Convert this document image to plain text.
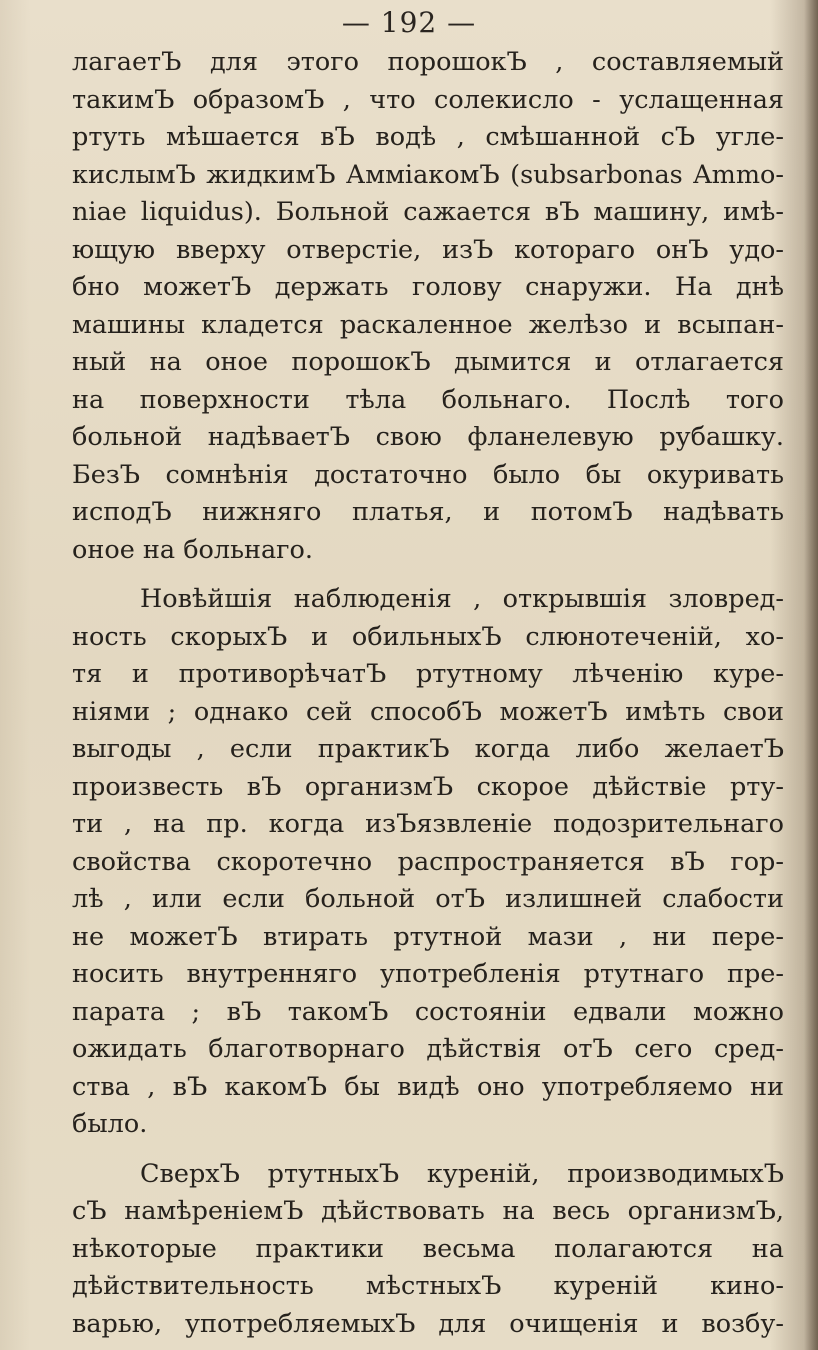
— 192 —

лагаетЪ для этого порошокЪ , составляемый
такимЪ образомЪ , что солекисло - услащенная
ртуть мѣшается вЪ водѣ , смѣшанной сЪ угле-
кислымЪ жидкимЪ АммiакомЪ (subsarbonas Ammo-
niae liquidus). Больной сажается вЪ машину, имѣ-
ющую вверху отверстiе, изЪ котораго онЪ удо-
бно можетЪ держать голову снаружи. На днѣ
машины кладется раскаленное желѣзо и всыпан-
ный на оное порошокЪ дымится и отлагается
на поверхности тѣла больнаго. Послѣ того
больной надѣваетЪ свою фланелевую рубашку.
БезЪ сомнѣнiя достаточно было бы окуривать
исподЪ нижняго платья, и потомЪ надѣвать
оное на больнаго.
Новѣйшiя наблюденiя , открывшiя зловред-
ность скорыхЪ и обильныхЪ слюнотеченiй, хо-
тя и противорѣчатЪ ртутному лѣченiю куре-
нiями ; однако сей способЪ можетЪ имѣть свои
выгоды , если практикЪ когда либо желаетЪ
произвесть вЪ организмЪ скорое дѣйствiе рту-
ти , на пр. когда изЪязвленiе подозрительнаго
свойства скоротечно распространяется вЪ гор-
лѣ , или если больной отЪ излишней слабости
не можетЪ втирать ртутной мази , ни пере-
носить внутренняго употребленiя ртутнаго пре-
парата ; вЪ такомЪ состоянiи едвали можно
ожидать благотворнаго дѣйствiя отЪ сего сред-
ства , вЪ какомЪ бы видѣ оно употребляемо ни
было.
СверхЪ ртутныхЪ куренiй, производимыхЪ
сЪ намѣренiемЪ дѣйствовать на весь организмЪ,
нѣкоторые практики весьма полагаются на
дѣйствительность мѣстныхЪ куренiй кино-
варью, употребляемыхЪ для очищенiя и возбу-
